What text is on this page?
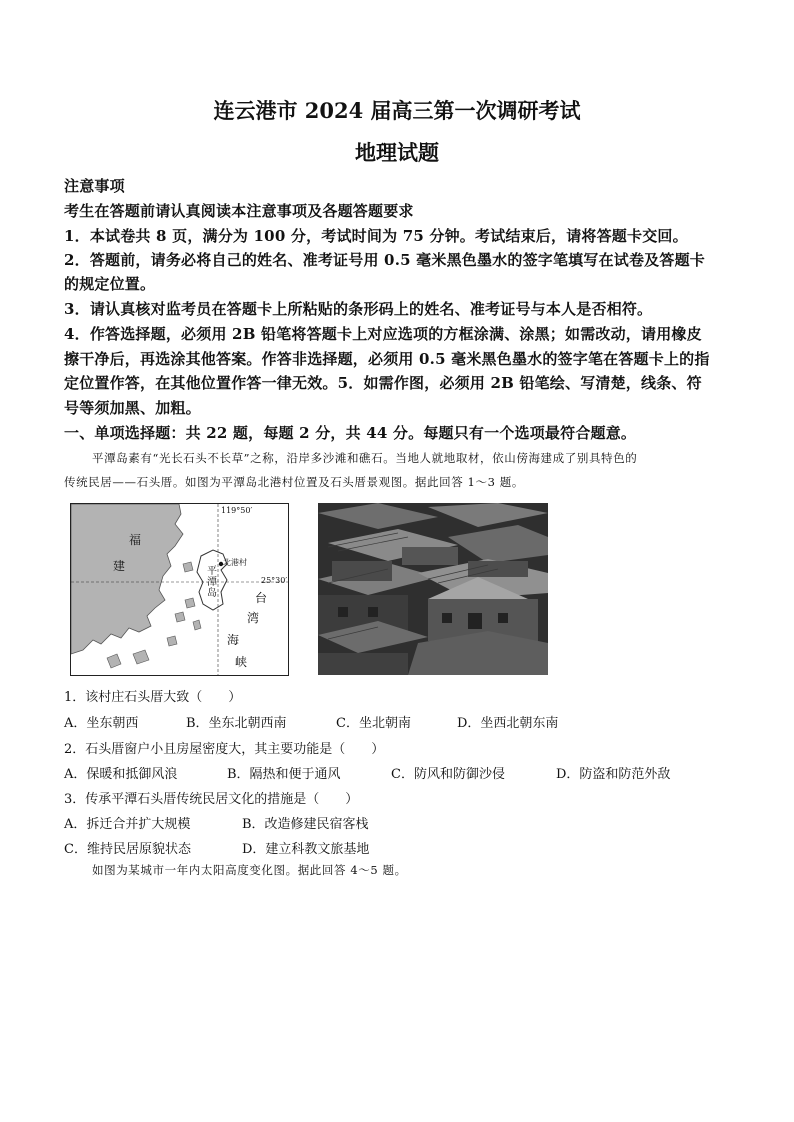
连云港市 2024 届高三第一次调研考试
地理试题
注意事项
考生在答题前请认真阅读本注意事项及各题答题要求
1．本试卷共 8 页，满分为 100 分，考试时间为 75 分钟。考试结束后，请将答题卡交回。
2．答题前，请务必将自己的姓名、准考证号用 0.5 毫米黑色墨水的签字笔填写在试卷及答题卡
的规定位置。
3．请认真核对监考员在答题卡上所粘贴的条形码上的姓名、准考证号与本人是否相符。
4．作答选择题，必须用 2B 铅笔将答题卡上对应选项的方框涂满、涂黑；如需改动，请用橡皮
擦干净后，再选涂其他答案。作答非选择题，必须用 0.5 毫米黑色墨水的签字笔在答题卡上的指
定位置作答，在其他位置作答一律无效。5．如需作图，必须用 2B 铅笔绘、写清楚，线条、符
号等须加黑、加粗。
一、单项选择题：共 22 题，每题 2 分，共 44 分。每题只有一个选项最符合题意。
平潭岛素有“光长石头不长草”之称，沿岸多沙滩和礁石。当地人就地取材，依山傍海建成了别具特色的
传统民居——石头厝。如图为平潭岛北港村位置及石头厝景观图。据此回答 1～3 题。
福
建	平
潭
岛
北港村
119°50′
25°30′
台
湾
海
峡
1．该村庄石头厝大致（　　）
A．坐东朝西	B．坐东北朝西南	C．坐北朝南	D．坐西北朝东南
2．石头厝窗户小且房屋密度大，其主要功能是（　　）
A．保暖和抵御风浪	B．隔热和便于通风	C．防风和防御沙侵	D．防盗和防范外敌
3．传承平潭石头厝传统民居文化的措施是（　　）
A．拆迁合并扩大规模	B．改造修建民宿客栈
C．维持民居原貌状态	D．建立科教文旅基地
如图为某城市一年内太阳高度变化图。据此回答 4～5 题。
